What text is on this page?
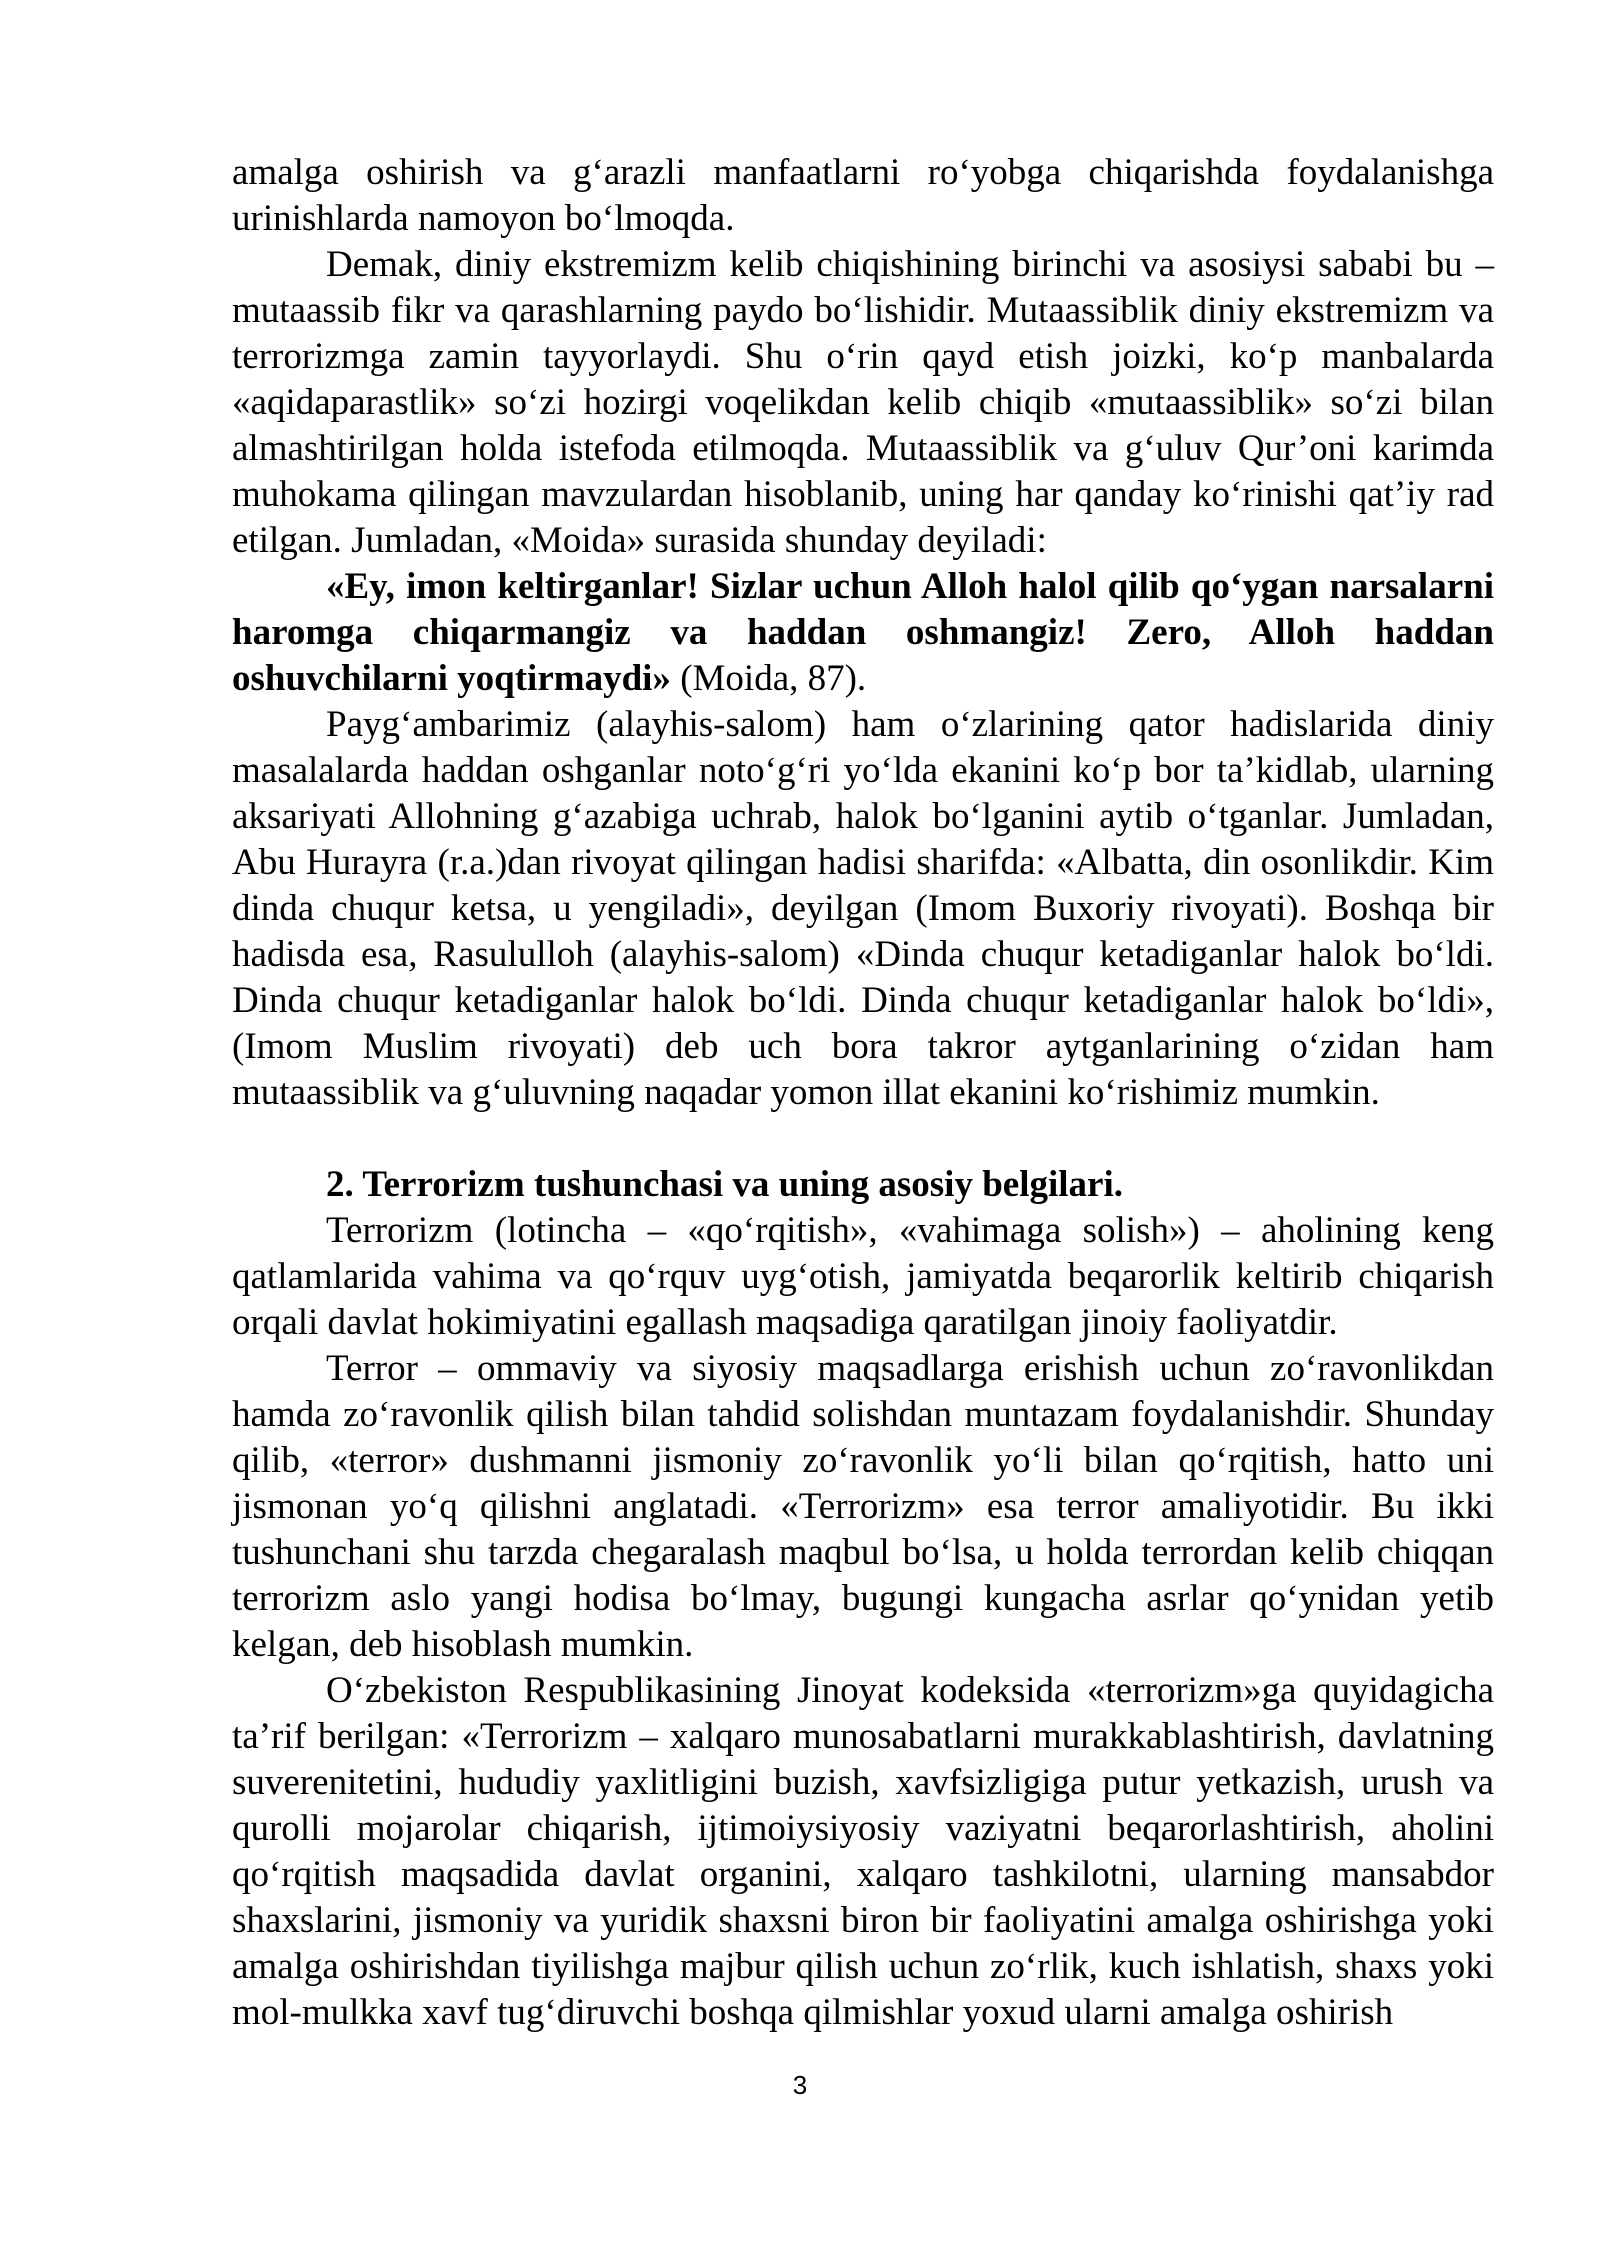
amalga oshirish va g‘arazli manfaatlarni ro‘yobga chiqarishda foydalanishga urinishlarda namoyon bo‘lmoqda.

Demak, diniy ekstremizm kelib chiqishining birinchi va asosiysi sababi bu – mutaassib fikr va qarashlarning paydo bo‘lishidir. Mutaassiblik diniy ekstremizm va terrorizmga zamin tayyorlaydi. Shu o‘rin qayd etish joizki, ko‘p manbalarda «aqidaparastlik» so‘zi hozirgi voqelikdan kelib chiqib «mutaassiblik» so‘zi bilan almashtirilgan holda istefoda etilmoqda. Mutaassiblik va g‘uluv Qur’oni karimda muhokama qilingan mavzulardan hisoblanib, uning har qanday ko‘rinishi qat’iy rad etilgan. Jumladan, «Moida» surasida shunday deyiladi:

«Ey, imon keltirganlar! Sizlar uchun Alloh halol qilib qo‘ygan narsalarni haromga chiqarmangiz va haddan oshmangiz! Zero, Alloh haddan oshuvchilarni yoqtirmaydi» (Moida, 87).

Payg‘ambarimiz (alayhis-salom) ham o‘zlarining qator hadislarida diniy masalalarda haddan oshganlar noto‘g‘ri yo‘lda ekanini ko‘p bor ta’kidlab, ularning aksariyati Allohning g‘azabiga uchrab, halok bo‘lganini aytib o‘tganlar. Jumladan, Abu Hurayra (r.a.)dan rivoyat qilingan hadisi sharifda: «Albatta, din osonlikdir. Kim dinda chuqur ketsa, u yengiladi», deyilgan (Imom Buxoriy rivoyati). Boshqa bir hadisda esa, Rasululloh (alayhis-salom) «Dinda chuqur ketadiganlar halok bo‘ldi. Dinda chuqur ketadiganlar halok bo‘ldi. Dinda chuqur ketadiganlar halok bo‘ldi», (Imom Muslim rivoyati) deb uch bora takror aytganlarining o‘zidan ham mutaassiblik va g‘uluvning naqadar yomon illat ekanini ko‘rishimiz mumkin.

2. Terrorizm tushunchasi va uning asosiy belgilari.

Terrorizm (lotincha – «qo‘rqitish», «vahimaga solish») – aholining keng qatlamlarida vahima va qo‘rquv uyg‘otish, jamiyatda beqarorlik keltirib chiqarish orqali davlat hokimiyatini egallash maqsadiga qaratilgan jinoiy faoliyatdir.

Terror – ommaviy va siyosiy maqsadlarga erishish uchun zo‘ravonlikdan hamda zo‘ravonlik qilish bilan tahdid solishdan muntazam foydalanishdir. Shunday qilib, «terror» dushmanni jismoniy zo‘ravonlik yo‘li bilan qo‘rqitish, hatto uni jismonan yo‘q qilishni anglatadi. «Terrorizm» esa terror amaliyotidir. Bu ikki tushunchani shu tarzda chegaralash maqbul bo‘lsa, u holda terrordan kelib chiqqan terrorizm aslo yangi hodisa bo‘lmay, bugungi kungacha asrlar qo‘ynidan yetib kelgan, deb hisoblash mumkin.

O‘zbekiston Respublikasining Jinoyat kodeksida «terrorizm»ga quyidagicha ta’rif berilgan: «Terrorizm – xalqaro munosabatlarni murakkablashtirish, davlatning suverenitetini, hududiy yaxlitligini buzish, xavfsizligiga putur yetkazish, urush va qurolli mojarolar chiqarish, ijtimoiysiyosiy vaziyatni beqarorlashtirish, aholini qo‘rqitish maqsadida davlat organini, xalqaro tashkilotni, ularning mansabdor shaxslarini, jismoniy va yuridik shaxsni biron bir faoliyatini amalga oshirishga yoki amalga oshirishdan tiyilishga majbur qilish uchun zo‘rlik, kuch ishlatish, shaxs yoki mol-mulkka xavf tug‘diruvchi boshqa qilmishlar yoxud ularni amalga oshirish

3
